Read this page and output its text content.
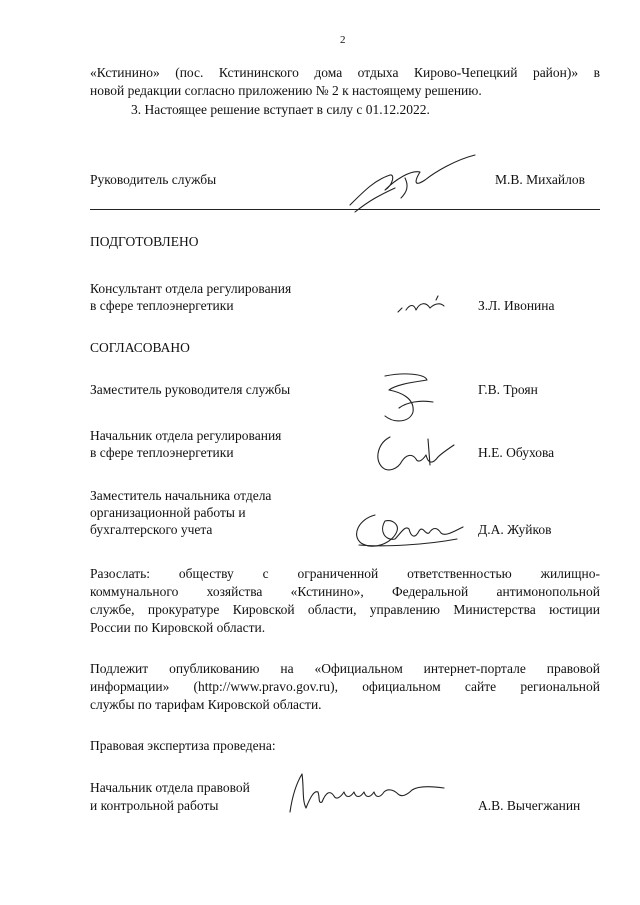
2
«Кстинино» (пос. Кстининского дома отдыха Кирово-Чепецкий район)» в
новой редакции согласно приложению № 2 к настоящему решению.
3. Настоящее решение вступает в силу с 01.12.2022.
Руководитель службы	М.В. Михайлов
ПОДГОТОВЛЕНО
Консультант отдела регулирования
в сфере теплоэнергетики	З.Л. Ивонина
СОГЛАСОВАНО
Заместитель руководителя службы	Г.В. Троян
Начальник отдела регулирования
в сфере теплоэнергетики	Н.Е. Обухова
Заместитель начальника отдела
организационной работы и
бухгалтерского учета	Д.А. Жуйков
Разослать: обществу с ограниченной ответственностью жилищно-
коммунального хозяйства «Кстинино», Федеральной антимонопольной
службе, прокуратуре Кировской области, управлению Министерства юстиции
России по Кировской области.
Подлежит опубликованию на «Официальном интернет-портале правовой
информации» (http://www.pravo.gov.ru), официальном сайте региональной
службы по тарифам Кировской области.
Правовая экспертиза проведена:
Начальник отдела правовой
и контрольной работы	А.В. Вычегжанин
